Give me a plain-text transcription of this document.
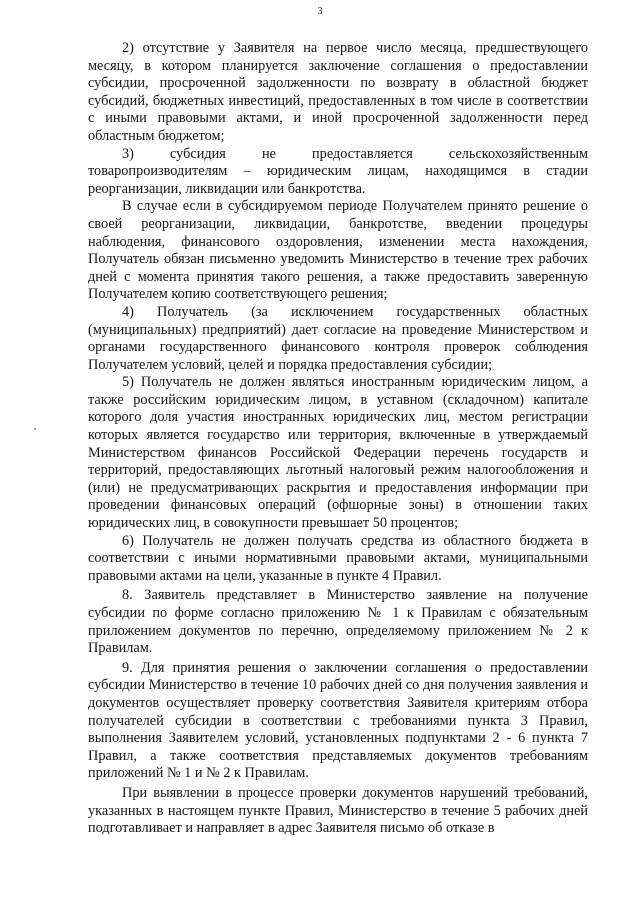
3

2) отсутствие у Заявителя на первое число месяца, предшествующего месяцу, в котором планируется заключение соглашения о предоставлении субсидии, просроченной задолженности по возврату в областной бюджет субсидий, бюджетных инвестиций, предоставленных в том числе в соответствии с иными правовыми актами, и иной просроченной задолженности перед областным бюджетом;

3) субсидия не предоставляется сельскохозяйственным товаропроизводителям – юридическим лицам, находящимся в стадии реорганизации, ликвидации или банкротства.

В случае если в субсидируемом периоде Получателем принято решение о своей реорганизации, ликвидации, банкротстве, введении процедуры наблюдения, финансового оздоровления, изменении места нахождения, Получатель обязан письменно уведомить Министерство в течение трех рабочих дней с момента принятия такого решения, а также предоставить заверенную Получателем копию соответствующего решения;

4) Получатель (за исключением государственных областных (муниципальных) предприятий) дает согласие на проведение Министерством и органами государственного финансового контроля проверок соблюдения Получателем условий, целей и порядка предоставления субсидии;

5) Получатель не должен являться иностранным юридическим лицом, а также российским юридическим лицом, в уставном (складочном) капитале которого доля участия иностранных юридических лиц, местом регистрации которых является государство или территория, включенные в утверждаемый Министерством финансов Российской Федерации перечень государств и территорий, предоставляющих льготный налоговый режим налогообложения и (или) не предусматривающих раскрытия и предоставления информации при проведении финансовых операций (офшорные зоны) в отношении таких юридических лиц, в совокупности превышает 50 процентов;

6) Получатель не должен получать средства из областного бюджета в соответствии с иными нормативными правовыми актами, муниципальными правовыми актами на цели, указанные в пункте 4 Правил.

8. Заявитель представляет в Министерство заявление на получение субсидии по форме согласно приложению № 1 к Правилам с обязательным приложением документов по перечню, определяемому приложением № 2 к Правилам.

9. Для принятия решения о заключении соглашения о предоставлении субсидии Министерство в течение 10 рабочих дней со дня получения заявления и документов осуществляет проверку соответствия Заявителя критериям отбора получателей субсидии в соответствии с требованиями пункта 3 Правил, выполнения Заявителем условий, установленных подпунктами 2 - 6 пункта 7 Правил, а также соответствия представляемых документов требованиям приложений № 1 и № 2 к Правилам.

При выявлении в процессе проверки документов нарушений требований, указанных в настоящем пункте Правил, Министерство в течение 5 рабочих дней подготавливает и направляет в адрес Заявителя письмо об отказе в
